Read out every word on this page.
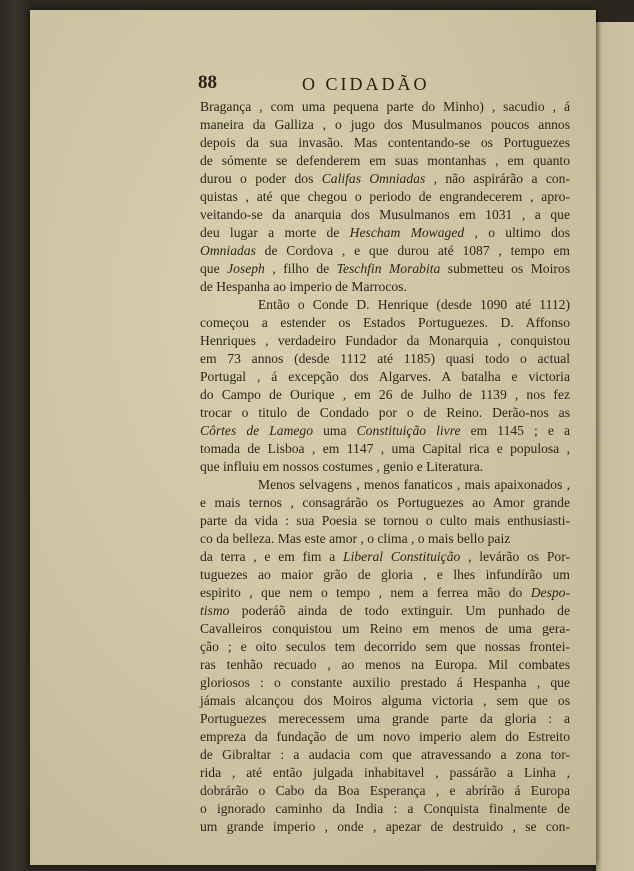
88	O CIDADÃO
Bragança , com uma pequena parte do Minho) , sacudio , á
maneira da Galliza , o jugo dos Musulmanos poucos annos
depois da sua invasão. Mas contentando-se os Portuguezes
de sómente se defenderem em suas montanhas , em quanto
durou o poder dos Califas Omniadas , não aspirárão a con-
quistas , até que chegou o periodo de engrandecerem , apro-
veitando-se da anarquia dos Musulmanos em 1031 , a que
deu lugar a morte de Hescham Mowaged , o ultimo dos
Omniadas de Cordova , e que durou até 1087 , tempo em
que Joseph , filho de Teschfin Morabita submetteu os Moiros
de Hespanha ao imperio de Marrocos.
Então o Conde D. Henrique (desde 1090 até 1112)
começou a estender os Estados Portuguezes. D. Affonso
Henriques , verdadeiro Fundador da Monarquia , conquistou
em 73 annos (desde 1112 até 1185) quasi todo o actual
Portugal , á excepção dos Algarves. A batalha e victoria
do Campo de Ourique , em 26 de Julho de 1139 , nos fez
trocar o titulo de Condado por o de Reino. Derão-nos as
Côrtes de Lamego uma Constituição livre em 1145 ; e a
tomada de Lisboa , em 1147 , uma Capital rica e populosa ,
que influiu em nossos costumes , genio e Literatura.
Menos selvagens , menos fanaticos , mais apaixonados ,
e mais ternos , consagrárão os Portuguezes ao Amor grande
parte da vida : sua Poesia se tornou o culto mais enthusiasti-
co da belleza. Mas este amor , o clima , o mais bello paiz
da terra , e em fim a Liberal Constituição , levárão os Por-
tuguezes ao maior grão de gloria , e lhes infundírão um
espirito , que nem o tempo , nem a ferrea mão do Despo-
tismo poderáõ ainda de todo extinguir. Um punhado de
Cavalleiros conquistou um Reino em menos de uma gera-
ção ; e oito seculos tem decorrido sem que nossas frontei-
ras tenhão recuado , ao menos na Europa. Mil combates
gloriosos : o constante auxilio prestado á Hespanha , que
jámais alcançou dos Moiros alguma victoria , sem que os
Portuguezes merecessem uma grande parte da gloria : a
empreza da fundação de um novo imperio alem do Estreito
de Gibraltar : a audacia com que atravessando a zona tor-
rida , até então julgada inhabitavel , passárão a Linha ,
dobrárão o Cabo da Boa Esperança , e abrírão á Europa
o ignorado caminho da India : a Conquista finalmente de
um grande imperio , onde , apezar de destruido , se con-
